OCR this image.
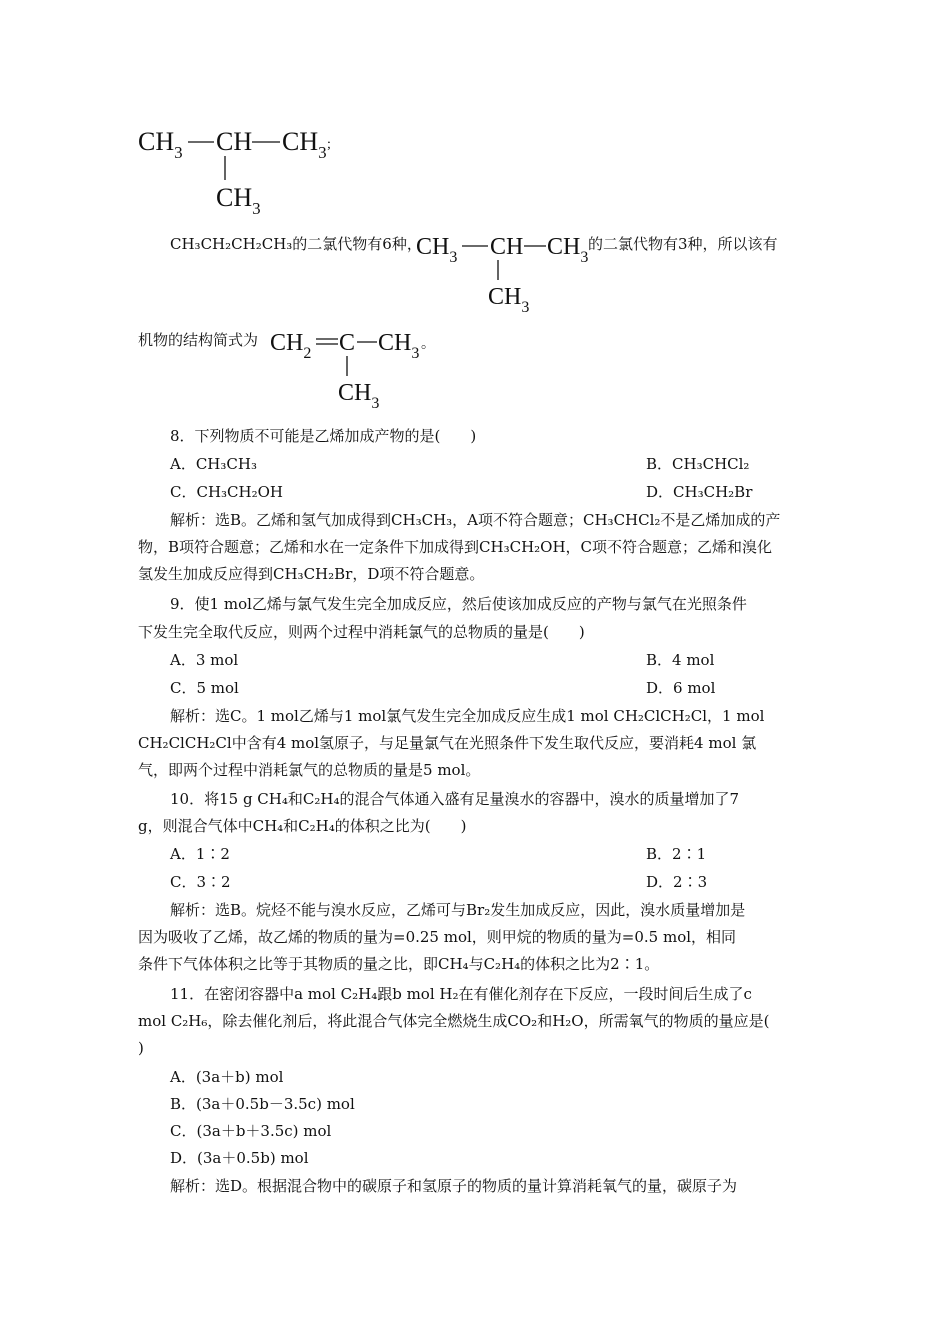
$CH_3$ CH $CH_3$ ;
$CH_3$
CH₃CH₂CH₂CH₃的二氯代物有6种，
$CH_3$ CH $CH_3$
$CH_3$
的二氯代物有3种，所以该有
机物的结构简式为 $CH_2$ C $CH_3$
。
$CH_3$
8．下列物质不可能是乙烯加成产物的是(　　)
A．CH₃CH₃	B．CH₃CHCl₂
C．CH₃CH₂OH	D．CH₃CH₂Br
解析：选B。乙烯和氢气加成得到CH₃CH₃，A项不符合题意；CH₃CHCl₂不是乙烯加成的产
物，B项符合题意；乙烯和水在一定条件下加成得到CH₃CH₂OH，C项不符合题意；乙烯和溴化
氢发生加成反应得到CH₃CH₂Br，D项不符合题意。
9．使1 mol乙烯与氯气发生完全加成反应，然后使该加成反应的产物与氯气在光照条件
下发生完全取代反应，则两个过程中消耗氯气的总物质的量是(　　)
A．3 mol	B．4 mol
C．5 mol	D．6 mol
解析：选C。1 mol乙烯与1 mol氯气发生完全加成反应生成1 mol CH₂ClCH₂Cl，1 mol
CH₂ClCH₂Cl中含有4 mol氢原子，与足量氯气在光照条件下发生取代反应，要消耗4 mol 氯
气，即两个过程中消耗氯气的总物质的量是5 mol。
10．将15 g CH₄和C₂H₄的混合气体通入盛有足量溴水的容器中，溴水的质量增加了7
g，则混合气体中CH₄和C₂H₄的体积之比为(　　)
A．1∶2	B．2∶1
C．3∶2	D．2∶3
解析：选B。烷烃不能与溴水反应，乙烯可与Br₂发生加成反应，因此，溴水质量增加是
因为吸收了乙烯，故乙烯的物质的量为=0.25 mol，则甲烷的物质的量为=0.5 mol，相同
条件下气体体积之比等于其物质的量之比，即CH₄与C₂H₄的体积之比为2∶1。
11．在密闭容器中a mol C₂H₄跟b mol H₂在有催化剂存在下反应，一段时间后生成了c
mol C₂H₆，除去催化剂后，将此混合气体完全燃烧生成CO₂和H₂O，所需氧气的物质的量应是(
)
A．(3a＋b) mol
B．(3a＋0.5b－3.5c) mol
C．(3a＋b＋3.5c) mol
D．(3a＋0.5b) mol
解析：选D。根据混合物中的碳原子和氢原子的物质的量计算消耗氧气的量，碳原子为
